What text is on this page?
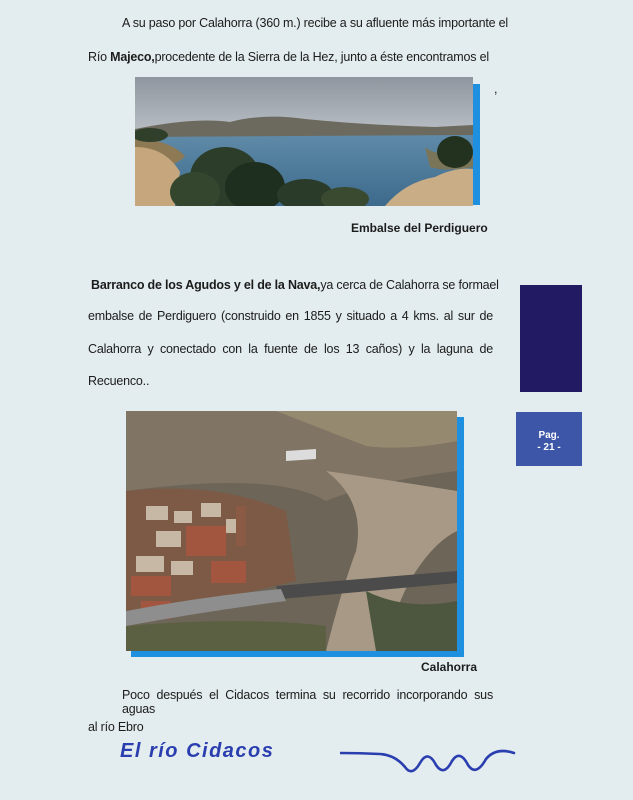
A su paso por Calahorra (360 m.) recibe a su afluente más importante el
Río Majeco,procedente de la Sierra de la Hez, junto a éste encontramos el
,
Embalse del Perdiguero
Barranco de los Agudos y el de la Nava,ya cerca de Calahorra se formael
embalse de Perdiguero (construido en 1855 y situado a 4 kms. al sur de
Calahorra y conectado con la fuente de los 13 caños) y la laguna de
Recuenco..
Pag.
- 21 -
Calahorra
Poco después el Cidacos termina su recorrido incorporando sus aguas
al río Ebro
El río Cidacos
